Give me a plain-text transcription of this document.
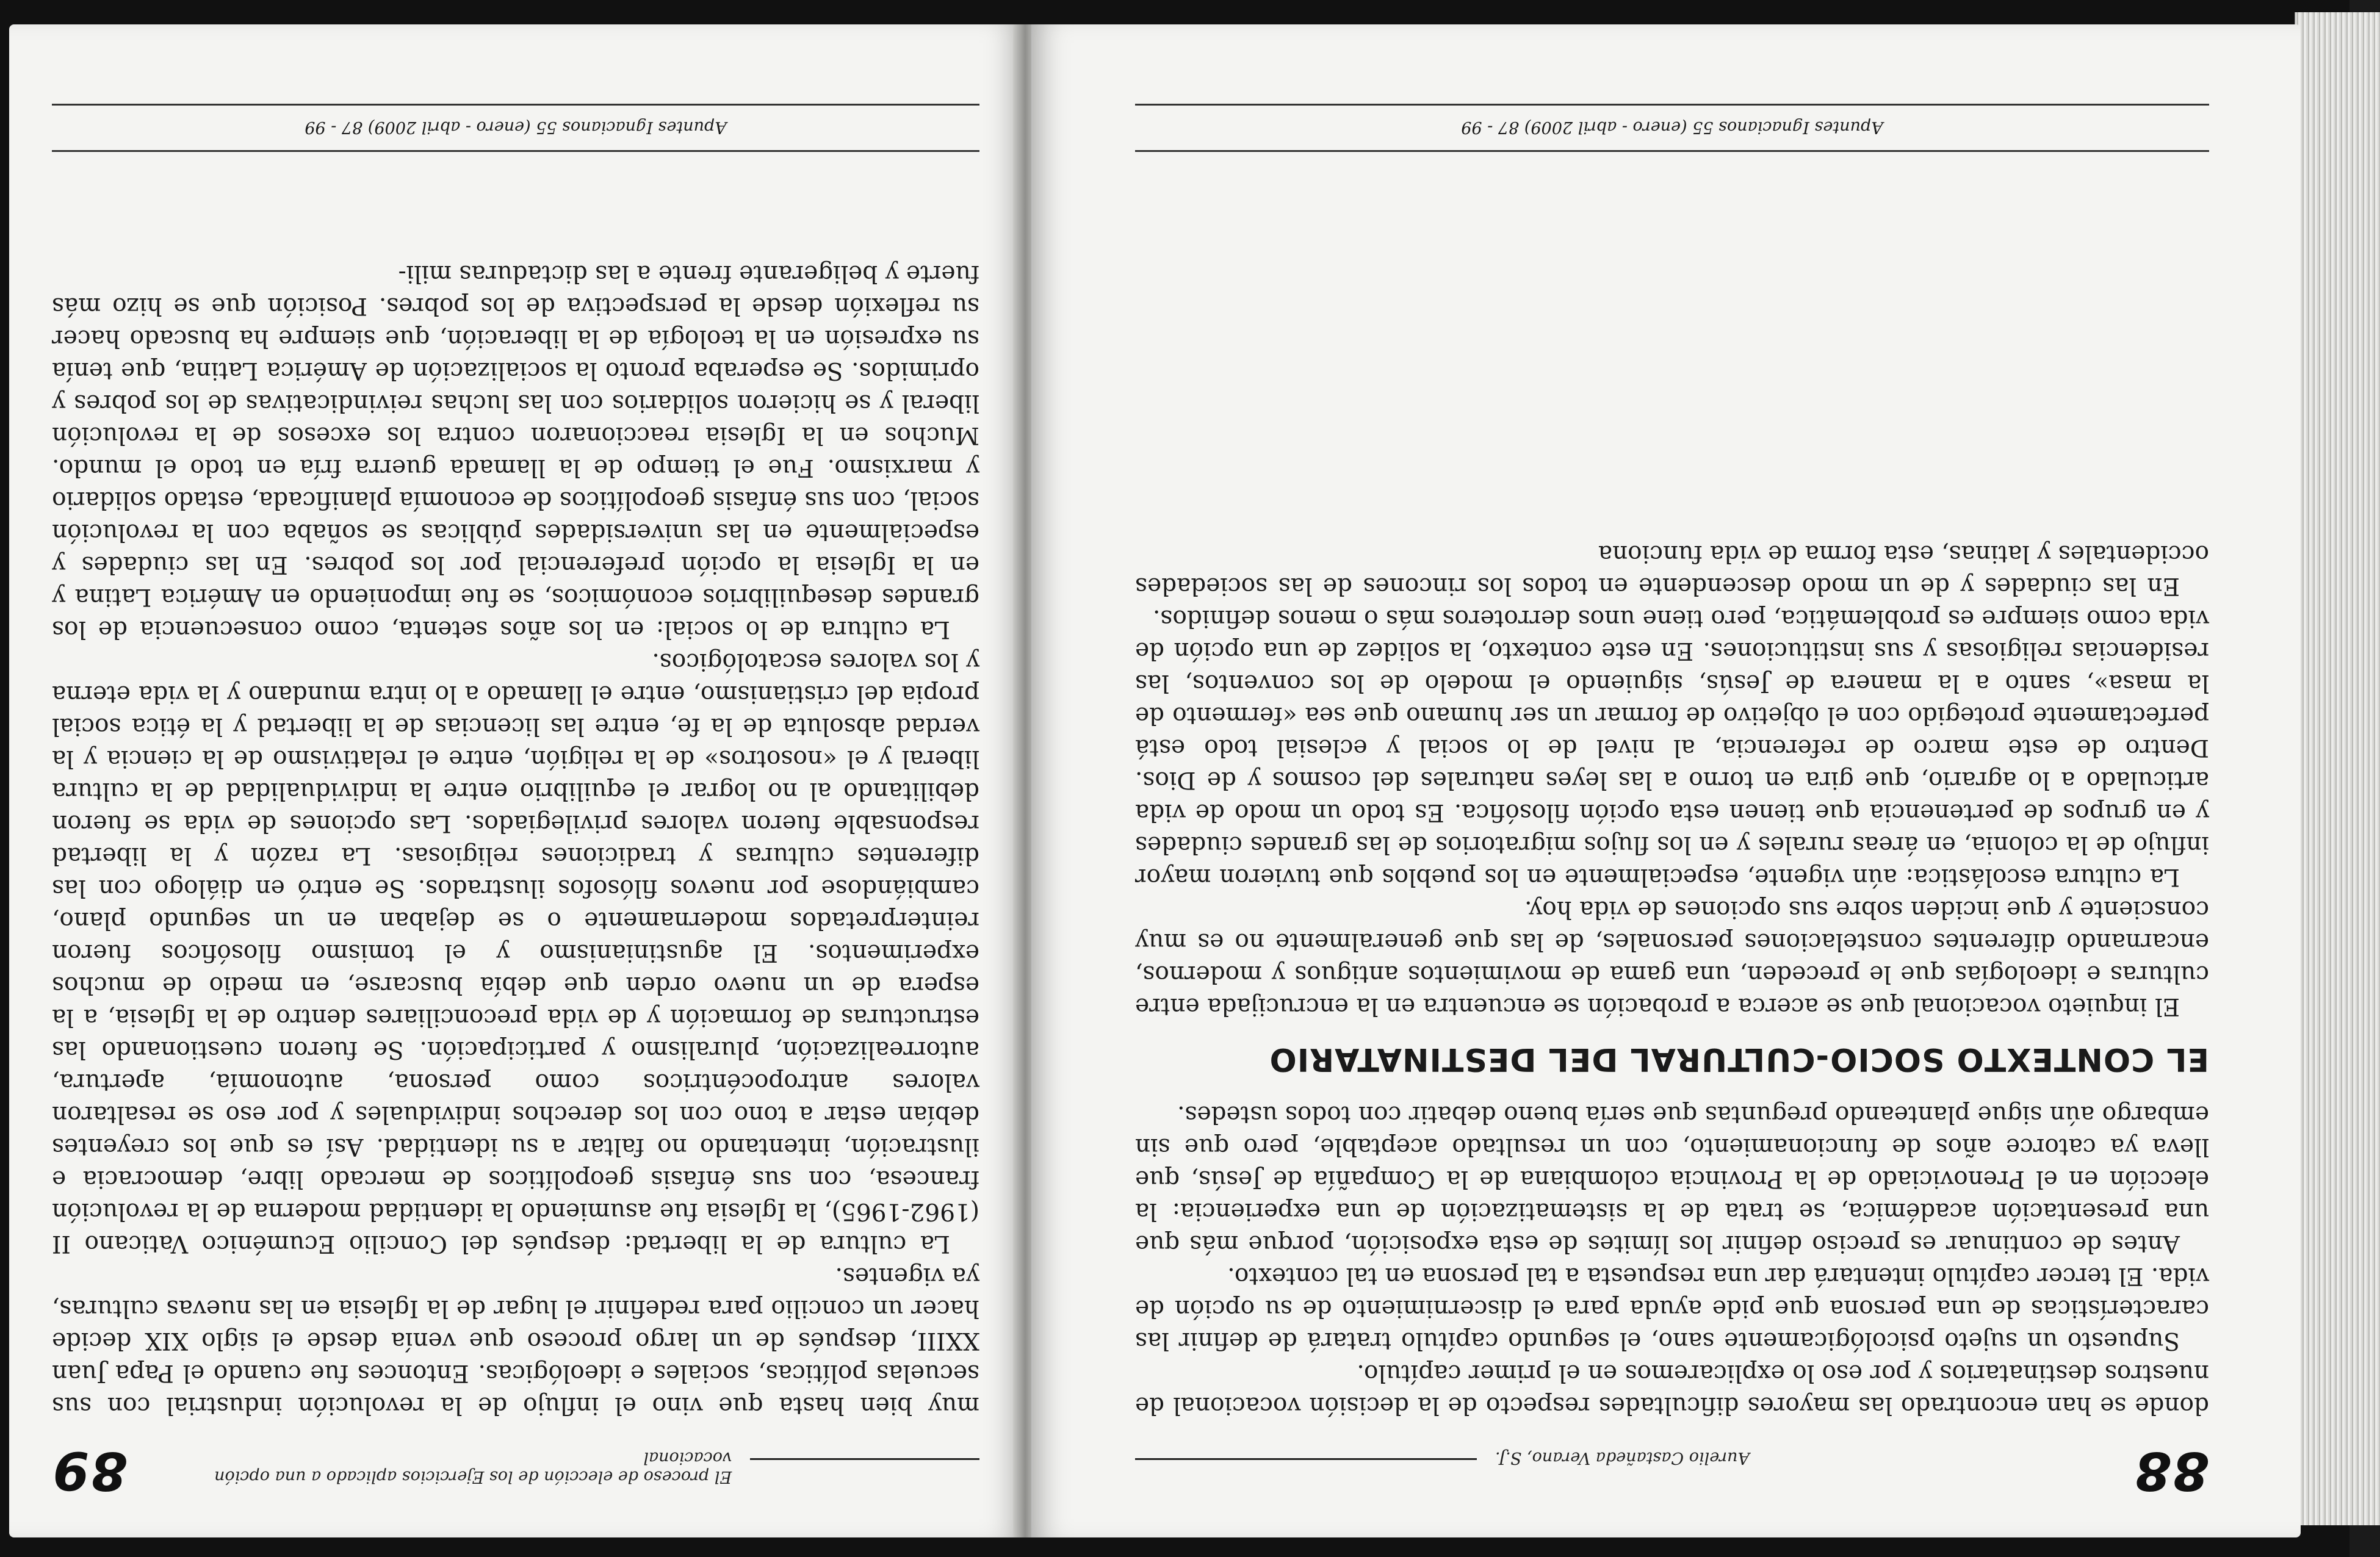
El proceso de elección de los Ejercicios aplicado a una opción vocacional
89

muy bien hasta que vino el influjo de la revolución industrial con sus secuelas políticas, sociales e ideológicas. Entonces fue cuando el Papa Juan XXIII, después de un largo proceso que venía desde el siglo XIX decide hacer un concilio para redefinir el lugar de la Iglesia en las nuevas culturas, ya vigentes.

La cultura de la libertad: después del Concilio Ecuménico Vaticano II (1962-1965), la Iglesia fue asumiendo la identidad moderna de la revolución francesa, con sus énfasis geopolíticos de mercado libre, democracia e ilustración, intentando no faltar a su identidad. Así es que los creyentes debían estar a tono con los derechos individuales y por eso se resaltaron valores antropocéntricos como persona, autonomía, apertura, autorrealización, pluralismo y participación. Se fueron cuestionando las estructuras de formación y de vida preconciliares dentro de la Iglesia, a la espera de un nuevo orden que debía buscarse, en medio de muchos experimentos. El agustinianismo y el tomismo filosóficos fueron reinterpretados modernamente o se dejaban en un segundo plano, cambiándose por nuevos filósofos ilustrados. Se entró en diálogo con las diferentes culturas y tradiciones religiosas. La razón y la libertad responsable fueron valores privilegiados. Las opciones de vida se fueron debilitando al no lograr el equilibrio entre la individualidad de la cultura liberal y el «nosotros» de la religión, entre el relativismo de la ciencia y la verdad absoluta de la fe, entre las licencias de la libertad y la ética social propia del cristianismo, entre el llamado a lo intra mundano y la vida eterna y los valores escatológicos.

La cultura de lo social: en los años setenta, como consecuencia de los grandes desequilibrios económicos, se fue imponiendo en América Latina y en la Iglesia la opción preferencial por los pobres. En las ciudades y especialmente en las universidades públicas se soñaba con la revolución social, con sus énfasis geopolíticos de economía planificada, estado solidario y marxismo. Fue el tiempo de la llamada guerra fría en todo el mundo. Muchos en la Iglesia reaccionaron contra los excesos de la revolución liberal y se hicieron solidarios con las luchas reivindicativas de los pobres y oprimidos. Se esperaba pronto la socialización de América Latina, que tenía su expresión en la teología de la liberación, que siempre ha buscado hacer su reflexión desde la perspectiva de los pobres. Posición que se hizo más fuerte y beligerante frente a las dictaduras mili-

Apuntes Ignacianos 55 (enero - abril 2009) 87 - 99
88
Aurelio Castañeda Verano, S.J.

donde se han encontrado las mayores dificultades respecto de la decisión vocacional de nuestros destinatarios y por eso lo explicaremos en el primer capítulo.

Supuesto un sujeto psicológicamente sano, el segundo capítulo tratará de definir las características de una persona que pide ayuda para el discernimiento de su opción de vida. El tercer capítulo intentará dar una respuesta a tal persona en tal contexto.

Antes de continuar es preciso definir los límites de esta exposición, porque más que una presentación académica, se trata de la sistematización de una experiencia: la elección en el Prenoviciado de la Provincia colombiana de la Compañía de Jesús, que lleva ya catorce años de funcionamiento, con un resultado aceptable, pero que sin embargo aún sigue planteando preguntas que sería bueno debatir con todos ustedes.

EL CONTEXTO SOCIO-CULTURAL DEL DESTINATARIO

El inquieto vocacional que se acerca a probación se encuentra en la encrucijada entre culturas e ideologías que le preceden, una gama de movimientos antiguos y modernos, encarnando diferentes constelaciones personales, de las que generalmente no es muy consciente y que inciden sobre sus opciones de vida hoy.

La cultura escolástica: aún vigente, especialmente en los pueblos que tuvieron mayor influjo de la colonia, en áreas rurales y en los flujos migratorios de las grandes ciudades y en grupos de pertenencia que tienen esta opción filosófica. Es todo un modo de vida articulado a lo agrario, que gira en torno a las leyes naturales del cosmos y de Dios. Dentro de este marco de referencia, al nivel de lo social y eclesial todo está perfectamente protegido con el objetivo de formar un ser humano que sea «fermento de la masa», santo a la manera de Jesús, siguiendo el modelo de los conventos, las residencias religiosas y sus instituciones. En este contexto, la solidez de una opción de vida como siempre es problemática, pero tiene unos derroteros más o menos definidos.

En las ciudades y de un modo descendente en todos los rincones de las sociedades occidentales y latinas, esta forma de vida funciona

Apuntes Ignacianos 55 (enero - abril 2009) 87 - 99
